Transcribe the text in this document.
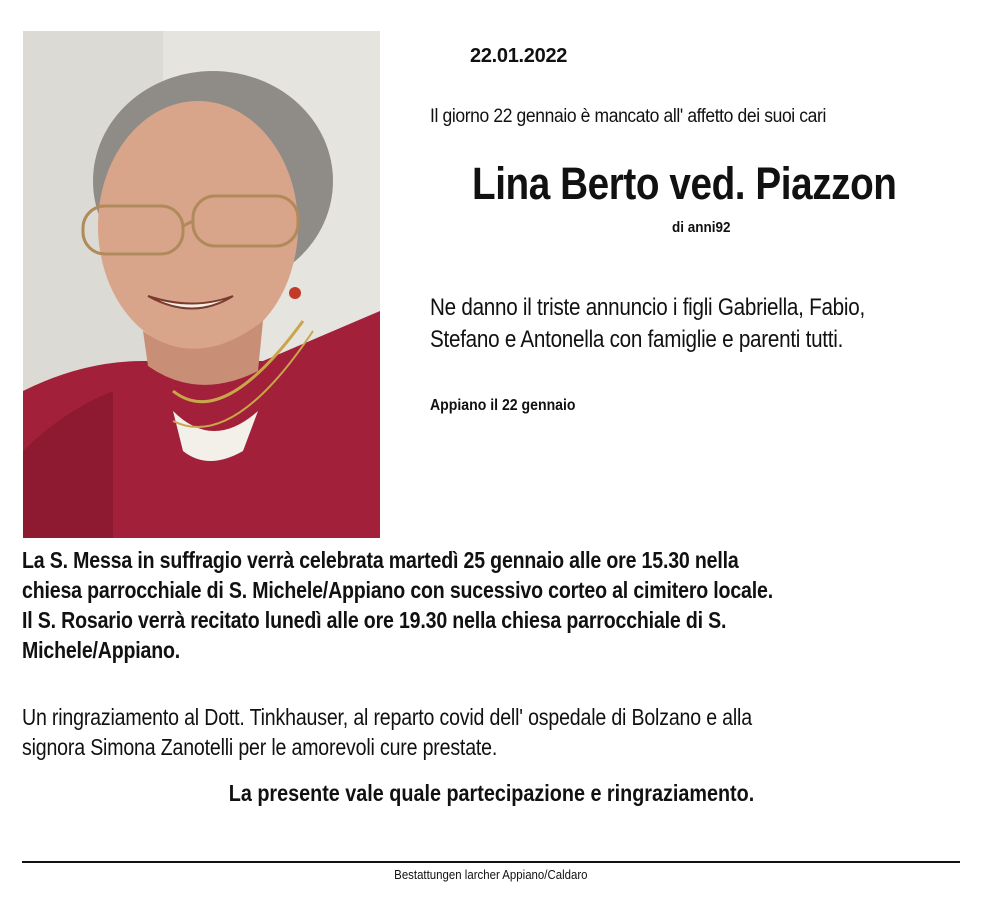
22.01.2022
Il giorno 22 gennaio è mancato all' affetto dei suoi cari
Lina Berto ved. Piazzon
di anni92
Ne danno il triste annuncio i figli Gabriella, Fabio, Stefano e Antonella con famiglie e parenti tutti.
Appiano il 22 gennaio

La S. Messa in suffragio verrà celebrata martedì 25 gennaio alle ore 15.30 nella

chiesa parrocchiale di S. Michele/Appiano con sucessivo corteo al cimitero locale.

Il S. Rosario verrà recitato lunedì alle ore 19.30 nella chiesa parrocchiale di S.

Michele/Appiano.

Un ringraziamento al Dott. Tinkhauser, al reparto covid dell' ospedale di Bolzano e alla
signora Simona Zanotelli per le amorevoli cure prestate.
La presente vale quale partecipazione e ringraziamento.
Bestattungen larcher Appiano/Caldaro
